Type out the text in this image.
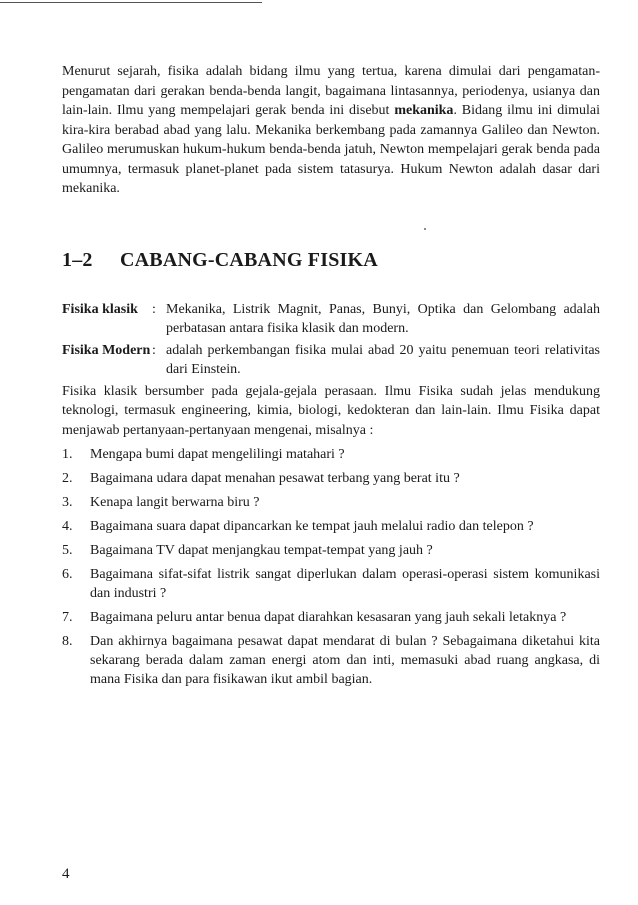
Menurut sejarah, fisika adalah bidang ilmu yang tertua, karena dimulai dari pengamatan-pengamatan dari gerakan benda-benda langit, bagaimana lintasannya, periodenya, usianya dan lain-lain. Ilmu yang mempelajari gerak benda ini disebut mekanika. Bidang ilmu ini dimulai kira-kira berabad abad yang lalu. Mekanika berkembang pada zamannya Galileo dan Newton. Galileo merumuskan hukum-hukum benda-benda jatuh, Newton mempelajari gerak benda pada umumnya, termasuk planet-planet pada sistem tatasurya. Hukum Newton adalah dasar dari mekanika.

1–2	CABANG-CABANG FISIKA
Fisika klasik	: Mekanika, Listrik Magnit, Panas, Bunyi, Optika dan Gelombang adalah perbatasan antara fisika klasik dan modern.
Fisika Modern : adalah perkembangan fisika mulai abad 20 yaitu penemuan teori relativitas dari Einstein.

Fisika klasik bersumber pada gejala-gejala perasaan. Ilmu Fisika sudah jelas mendukung teknologi, termasuk engineering, kimia, biologi, kedokteran dan lain-lain. Ilmu Fisika dapat menjawab pertanyaan-pertanyaan mengenai, misalnya :

1.	Mengapa bumi dapat mengelilingi matahari ?
2.	Bagaimana udara dapat menahan pesawat terbang yang berat itu ?
3.	Kenapa langit berwarna biru ?
4.	Bagaimana suara dapat dipancarkan ke tempat jauh melalui radio dan telepon ?
5.	Bagaimana TV dapat menjangkau tempat-tempat yang jauh ?
6.	Bagaimana sifat-sifat listrik sangat diperlukan dalam operasi-operasi sistem komunikasi dan industri ?
7.	Bagaimana peluru antar benua dapat diarahkan kesasaran yang jauh sekali letaknya ?
8.	Dan akhirnya bagaimana pesawat dapat mendarat di bulan ? Sebagaimana diketahui kita sekarang berada dalam zaman energi atom dan inti, memasuki abad ruang angkasa, di mana Fisika dan para fisikawan ikut ambil bagian.
4
